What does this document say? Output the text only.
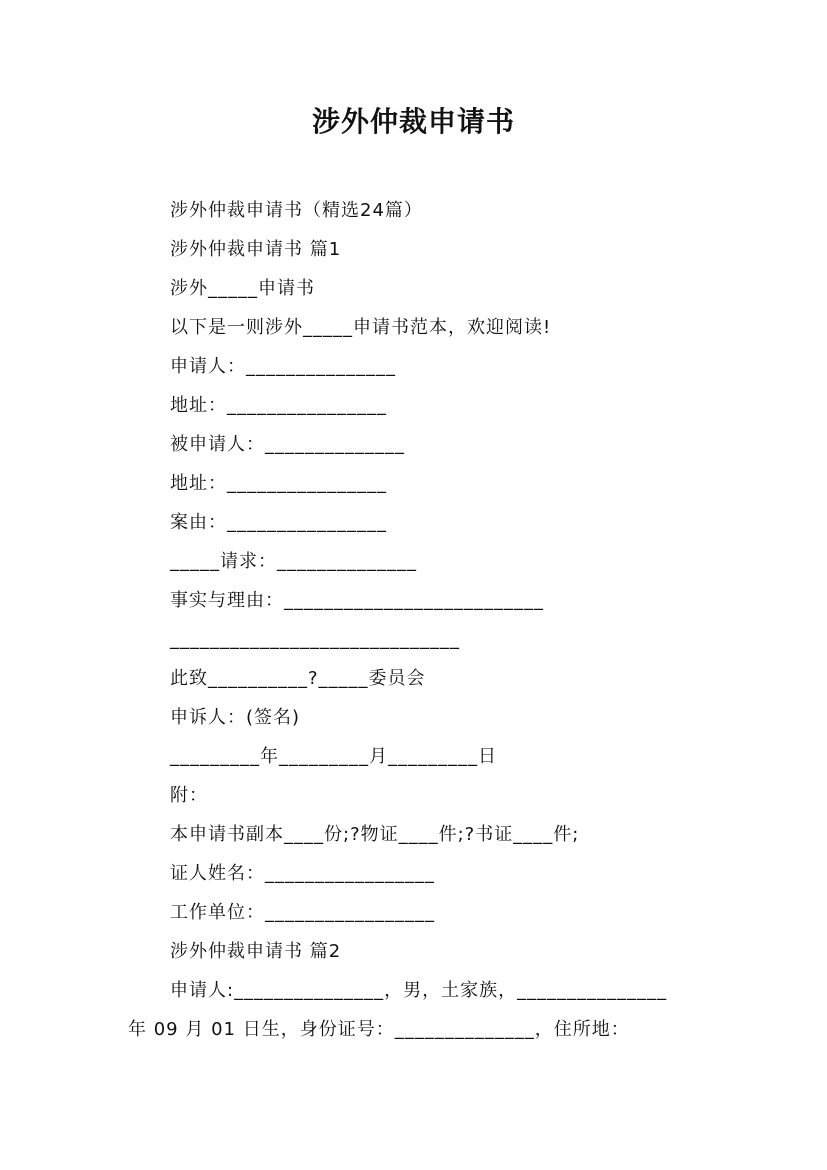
涉外仲裁申请书
涉外仲裁申请书（精选24篇）
涉外仲裁申请书 篇1
涉外_____申请书
以下是一则涉外_____申请书范本，欢迎阅读!
申请人：_______________
地址：________________
被申请人：______________
地址：________________
案由：________________
_____请求：______________
事实与理由：__________________________
_____________________________
此致__________?_____委员会
申诉人：(签名)
_________年_________月_________日
附：
本申请书副本____份;?物证____件;?书证____件;
证人姓名：_________________
工作单位：_________________
涉外仲裁申请书 篇2
申请人:_______________，男，土家族，_______________
年 09 月 01 日生，身份证号：______________，住所地：
